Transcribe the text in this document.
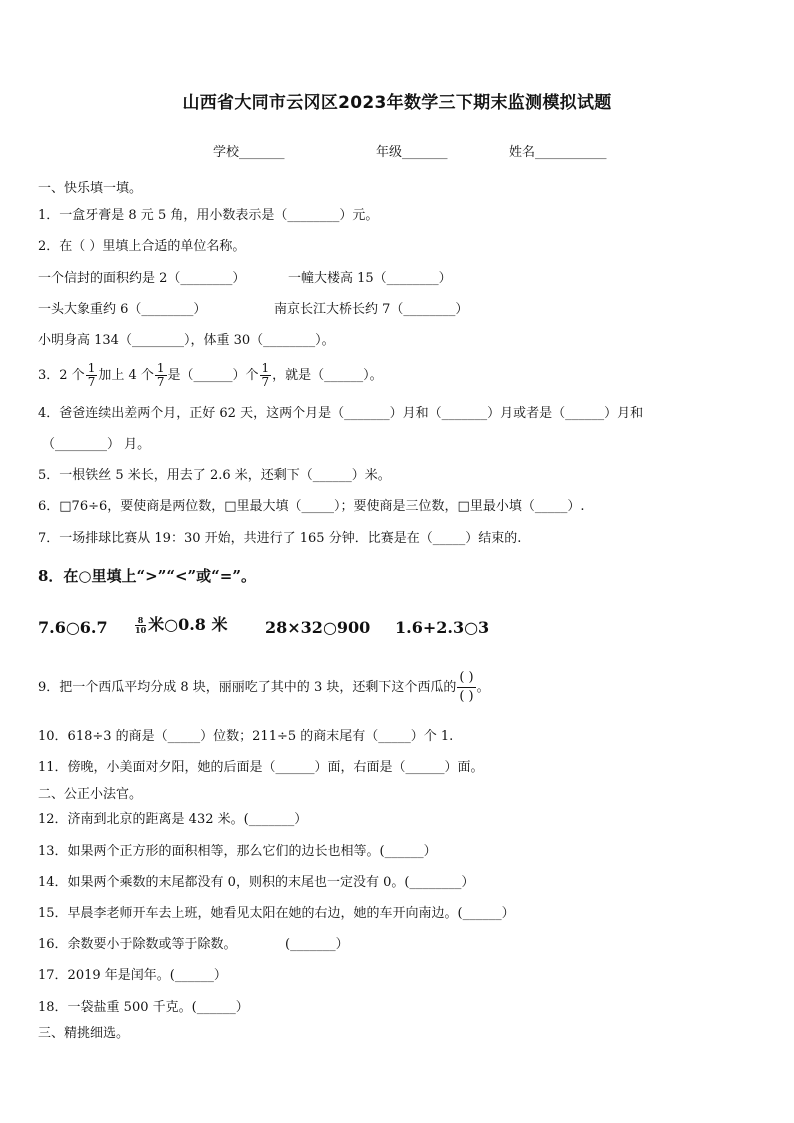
山西省大同市云冈区2023年数学三下期末监测模拟试题
学校_______	年级_______	姓名___________
一、快乐填一填。
1．一盒牙膏是 8 元 5 角，用小数表示是（________）元。
2．在（ ）里填上合适的单位名称。
一个信封的面积约是 2（________）	一幢大楼高 15（________）
一头大象重约 6（________）	南京长江大桥长约 7（________）
小明身高 134（________），体重 30（________）。
3．2 个 $\frac{1}{7}$ 加上 4 个 $\frac{1}{7}$ 是（______）个 $\frac{1}{7}$ ，就是（______）。
4．爸爸连续出差两个月，正好 62 天，这两个月是（_______）月和（_______）月或者是（______）月和
（________） 月。
5．一根铁丝 5 米长，用去了 2.6 米，还剩下（______）米。
6．□76÷6，要使商是两位数，□里最大填（_____）；要使商是三位数，□里最小填（_____）.
7．一场排球比赛从 19：30 开始，共进行了 165 分钟．比赛是在（_____）结束的.
8．在○里填上“>”“<”或“=”。
7.6○6.7	$\frac{8}{10}$ 米○0.8 米 28×32○900 1.6+2.3○3
9．把一个西瓜平均分成 8 块，丽丽吃了其中的 3 块，还剩下这个西瓜的 $\frac{( )}{( )}$ 。
10．618÷3 的商是（_____）位数；211÷5 的商末尾有（_____）个 1.
11．傍晚，小美面对夕阳，她的后面是（______）面，右面是（______）面。
二、公正小法官。
12．济南到北京的距离是 432 米。(_______）
13．如果两个正方形的面积相等，那么它们的边长也相等。(______）
14．如果两个乘数的末尾都没有 0，则积的末尾也一定没有 0。(________）
15．早晨李老师开车去上班，她看见太阳在她的右边，她的车开向南边。(______）
16．余数要小于除数或等于除数。	(_______）
17．2019 年是闰年。(______）
18．一袋盐重 500 千克。(______）
三、精挑细选。
